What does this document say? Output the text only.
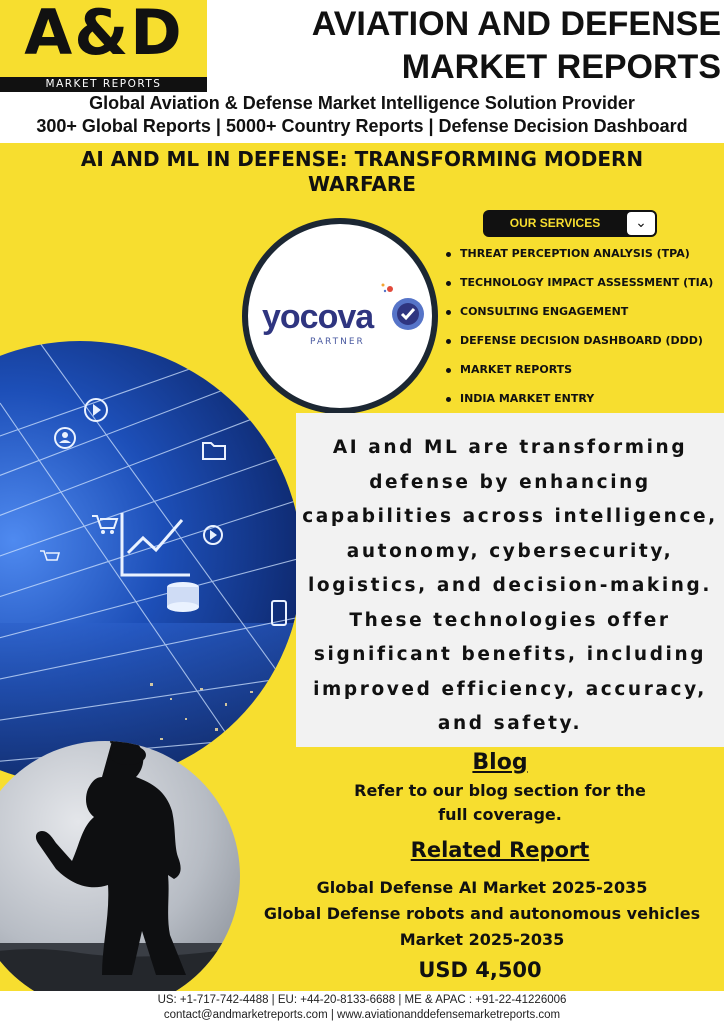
A&D
MARKET REPORTS
AVIATION AND DEFENSE
MARKET REPORTS
Global Aviation & Defense Market Intelligence Solution Provider
300+ Global Reports | 5000+ Country Reports | Defense Decision Dashboard
AI AND ML IN DEFENSE: TRANSFORMING MODERN
WARFARE
yocova
PARTNER
OUR SERVICES	⌄
THREAT PERCEPTION ANALYSIS (TPA)
TECHNOLOGY IMPACT ASSESSMENT (TIA)
CONSULTING ENGAGEMENT
DEFENSE DECISION DASHBOARD (DDD)
MARKET REPORTS
INDIA MARKET ENTRY
AI and ML are transforming
defense by enhancing
capabilities across intelligence,
autonomy, cybersecurity,
logistics, and decision-making.
These technologies offer
significant benefits, including
improved efficiency, accuracy,
and safety.
Blog
Refer to our blog section for the
full coverage.
Related Report
Global Defense AI Market 2025-2035
Global Defense robots and autonomous vehicles
Market 2025-2035
USD 4,500
US: +1-717-742-4488 | EU: +44-20-8133-6688 | ME & APAC : +91-22-41226006
contact@andmarketreports.com | www.aviationanddefensemarketreports.com
